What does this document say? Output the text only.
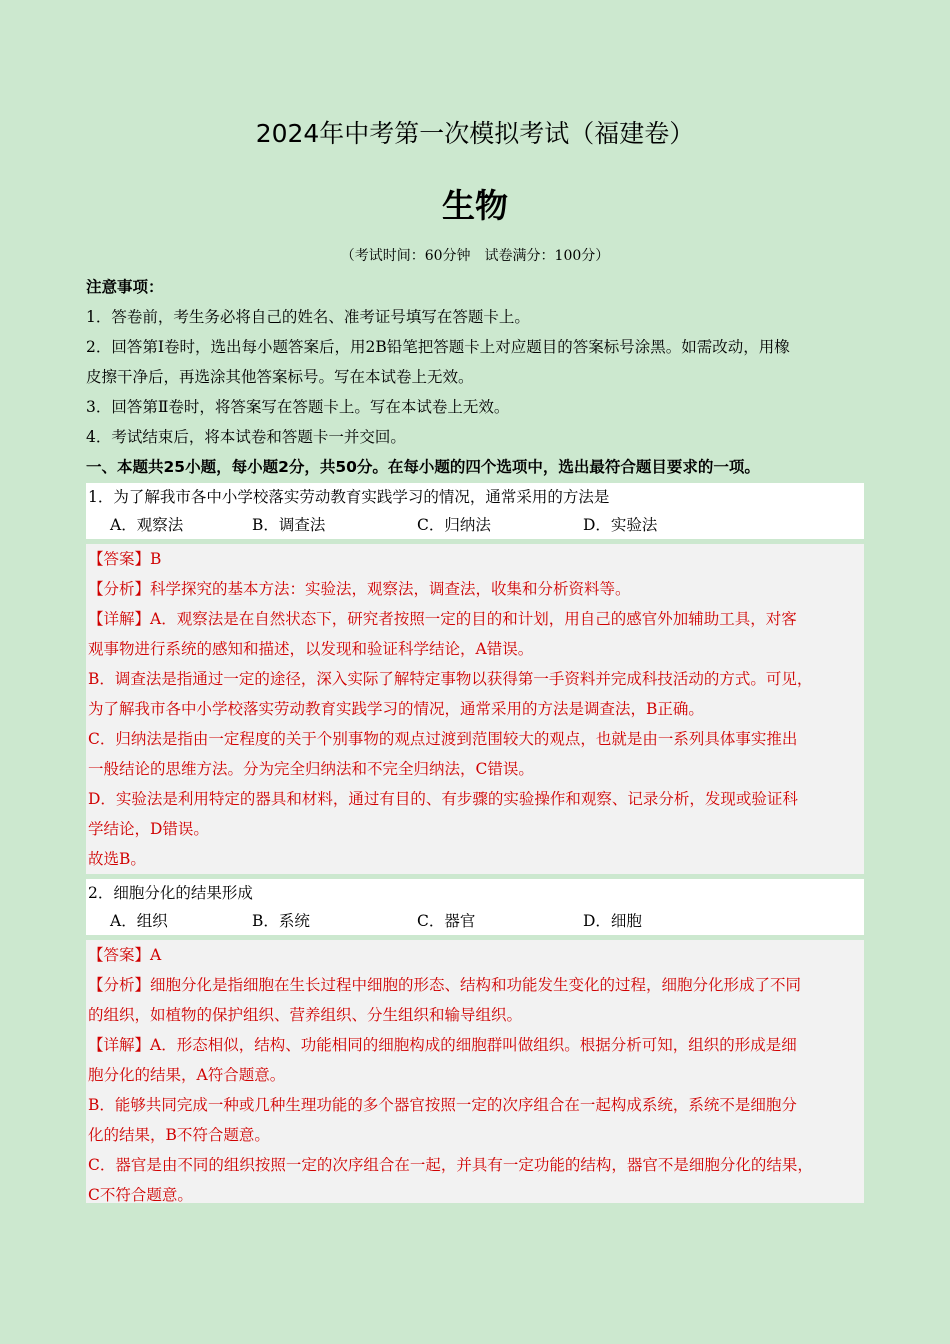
2024年中考第一次模拟考试（福建卷）
生物
（考试时间：60分钟　试卷满分：100分）
注意事项：
1．答卷前，考生务必将自己的姓名、准考证号填写在答题卡上。
2．回答第Ⅰ卷时，选出每小题答案后，用2B铅笔把答题卡上对应题目的答案标号涂黑。如需改动，用橡
皮擦干净后，再选涂其他答案标号。写在本试卷上无效。
3．回答第Ⅱ卷时，将答案写在答题卡上。写在本试卷上无效。
4．考试结束后，将本试卷和答题卡一并交回。
一、本题共25小题，每小题2分，共50分。在每小题的四个选项中，选出最符合题目要求的一项。
1．为了解我市各中小学校落实劳动教育实践学习的情况，通常采用的方法是
A．观察法	B．调查法	C．归纳法	D．实验法
【答案】B
【分析】科学探究的基本方法：实验法，观察法，调查法，收集和分析资料等。
【详解】A．观察法是在自然状态下，研究者按照一定的目的和计划，用自己的感官外加辅助工具，对客
观事物进行系统的感知和描述，以发现和验证科学结论，A错误。
B．调查法是指通过一定的途径，深入实际了解特定事物以获得第一手资料并完成科技活动的方式。可见，
为了解我市各中小学校落实劳动教育实践学习的情况，通常采用的方法是调查法，B正确。
C．归纳法是指由一定程度的关于个别事物的观点过渡到范围较大的观点，也就是由一系列具体事实推出
一般结论的思维方法。分为完全归纳法和不完全归纳法，C错误。
D．实验法是利用特定的器具和材料，通过有目的、有步骤的实验操作和观察、记录分析，发现或验证科
学结论，D错误。
故选B。
2．细胞分化的结果形成
A．组织	B．系统	C．器官	D．细胞
【答案】A
【分析】细胞分化是指细胞在生长过程中细胞的形态、结构和功能发生变化的过程，细胞分化形成了不同
的组织，如植物的保护组织、营养组织、分生组织和输导组织。
【详解】A．形态相似，结构、功能相同的细胞构成的细胞群叫做组织。根据分析可知，组织的形成是细
胞分化的结果，A符合题意。
B．能够共同完成一种或几种生理功能的多个器官按照一定的次序组合在一起构成系统，系统不是细胞分
化的结果，B不符合题意。
C．器官是由不同的组织按照一定的次序组合在一起，并具有一定功能的结构，器官不是细胞分化的结果，
C不符合题意。
